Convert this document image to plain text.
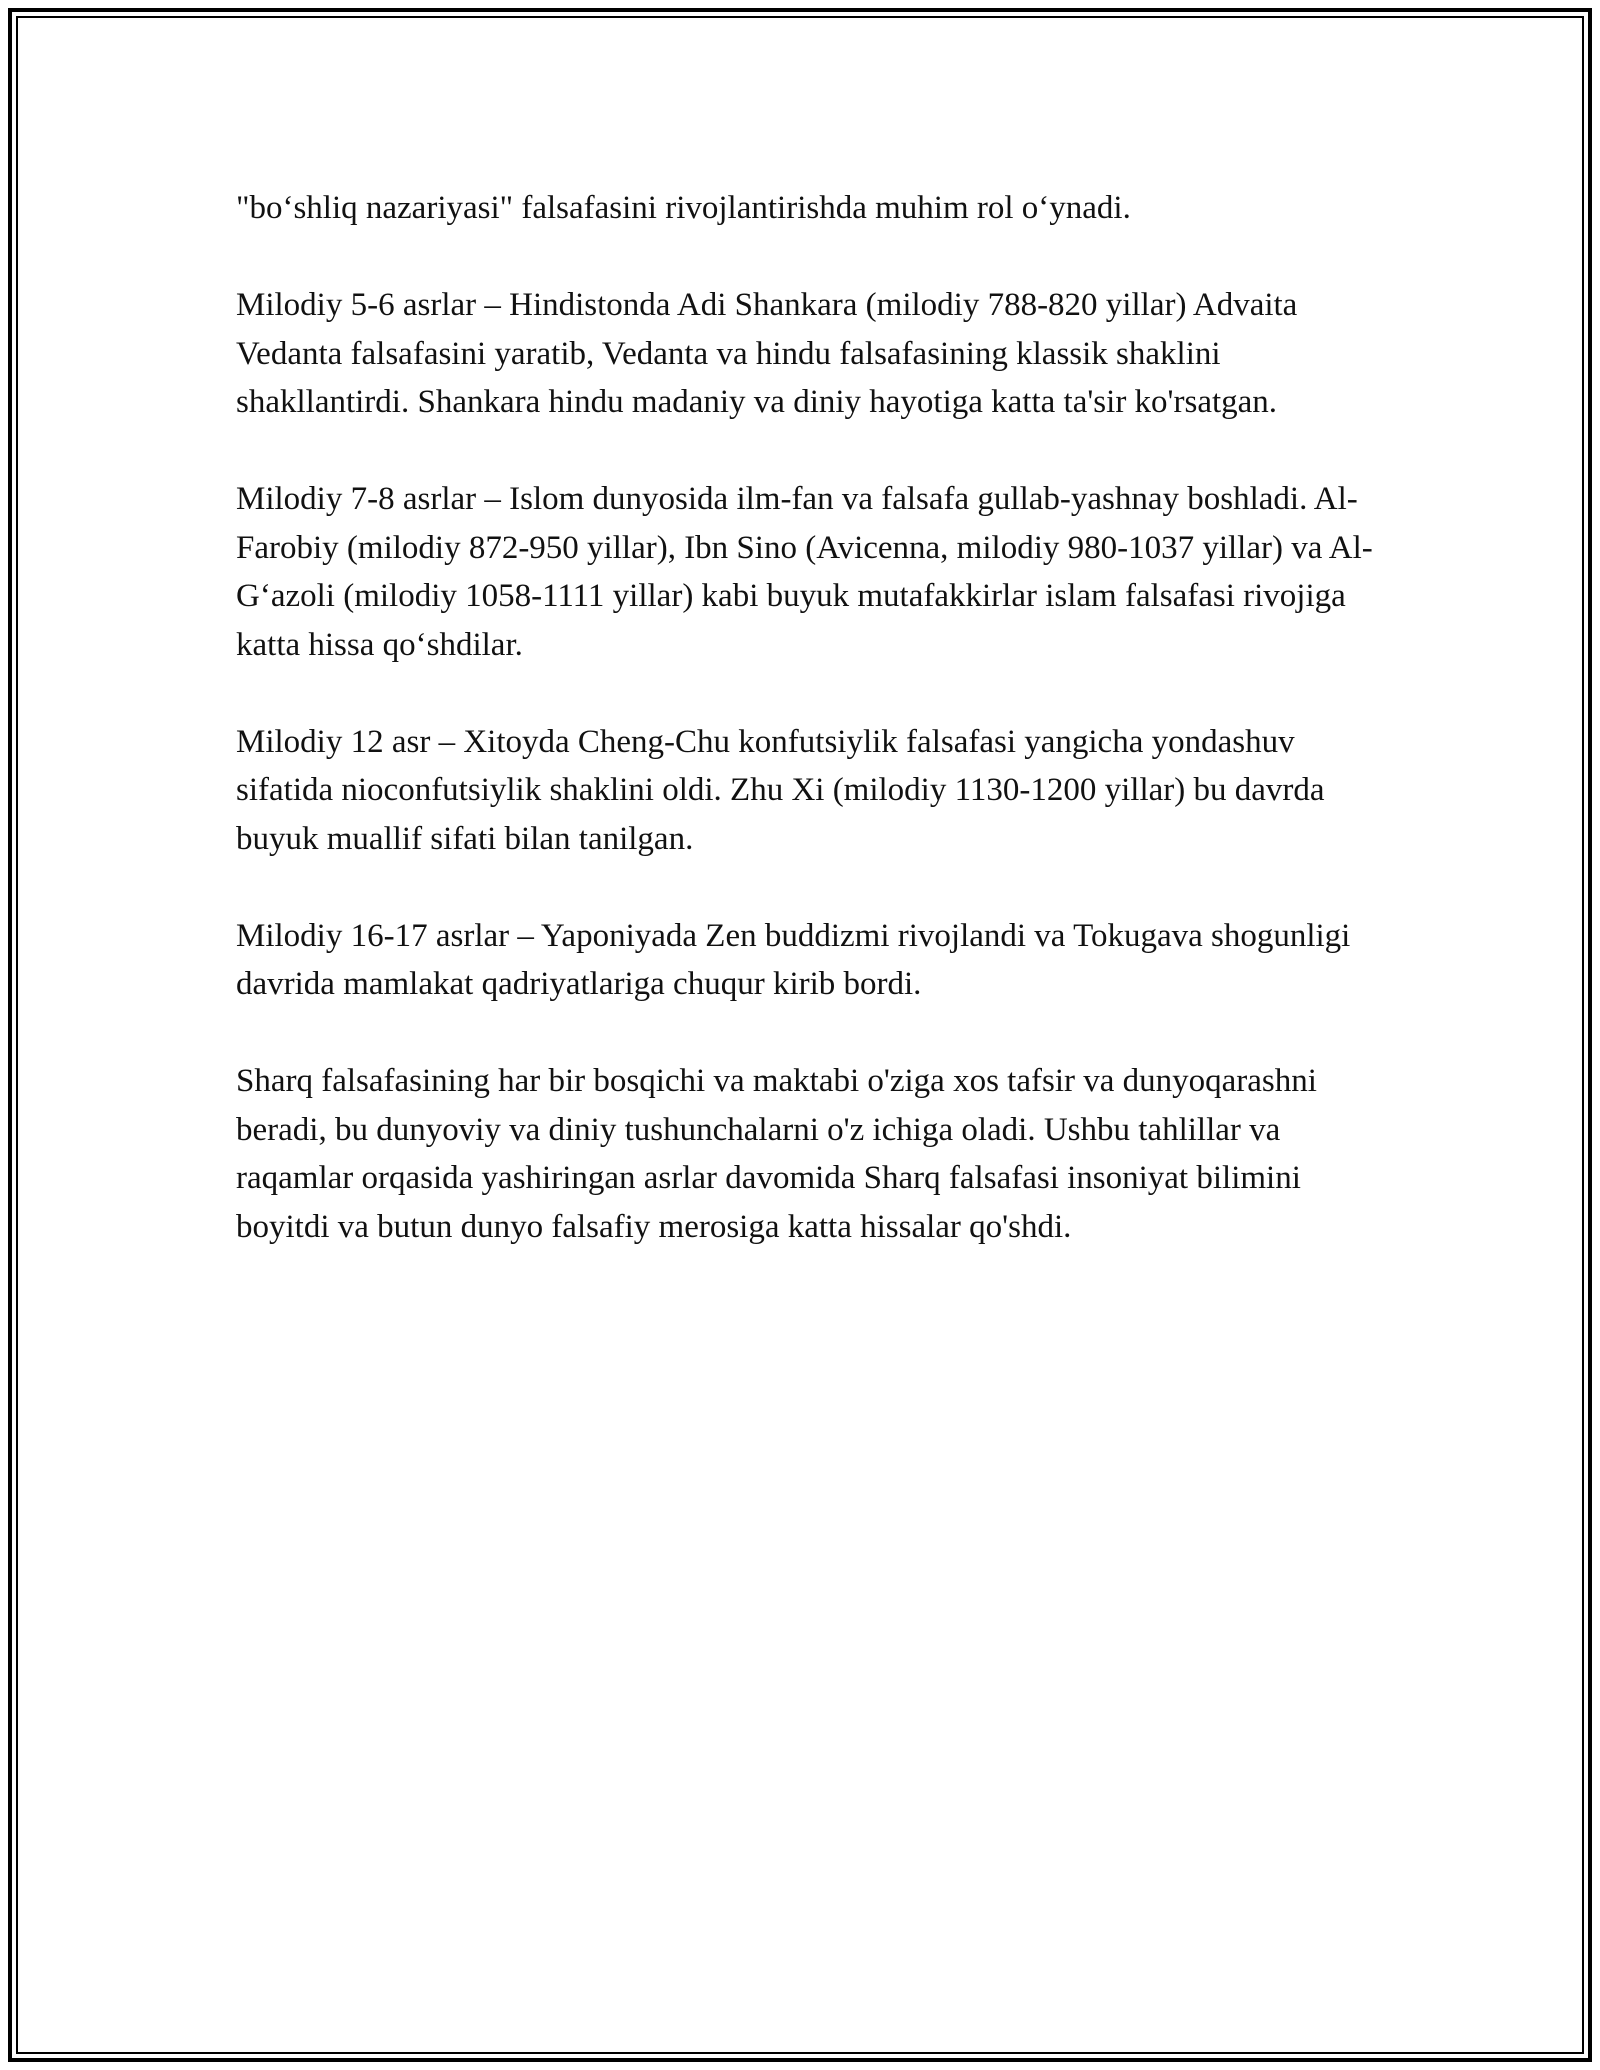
"bo‘shliq nazariyasi" falsafasini rivojlantirishda muhim rol o‘ynadi.

Milodiy 5-6 asrlar – Hindistonda Adi Shankara (milodiy 788-820 yillar) Advaita Vedanta falsafasini yaratib, Vedanta va hindu falsafasining klassik shaklini shakllantirdi. Shankara hindu madaniy va diniy hayotiga katta ta'sir ko'rsatgan.

Milodiy 7-8 asrlar – Islom dunyosida ilm-fan va falsafa gullab-yashnay boshladi. Al-Farobiy (milodiy 872-950 yillar), Ibn Sino (Avicenna, milodiy 980-1037 yillar) va Al-G‘azoli (milodiy 1058-1111 yillar) kabi buyuk mutafakkirlar islam falsafasi rivojiga katta hissa qo‘shdilar.

Milodiy 12 asr – Xitoyda Cheng-Chu konfutsiylik falsafasi yangicha yondashuv sifatida nioconfutsiylik shaklini oldi. Zhu Xi (milodiy 1130-1200 yillar) bu davrda buyuk muallif sifati bilan tanilgan.

Milodiy 16-17 asrlar – Yaponiyada Zen buddizmi rivojlandi va Tokugava shogunligi davrida mamlakat qadriyatlariga chuqur kirib bordi.

Sharq falsafasining har bir bosqichi va maktabi o'ziga xos tafsir va dunyoqarashni beradi, bu dunyoviy va diniy tushunchalarni o'z ichiga oladi. Ushbu tahlillar va raqamlar orqasida yashiringan asrlar davomida Sharq falsafasi insoniyat bilimini boyitdi va butun dunyo falsafiy merosiga katta hissalar qo'shdi.
